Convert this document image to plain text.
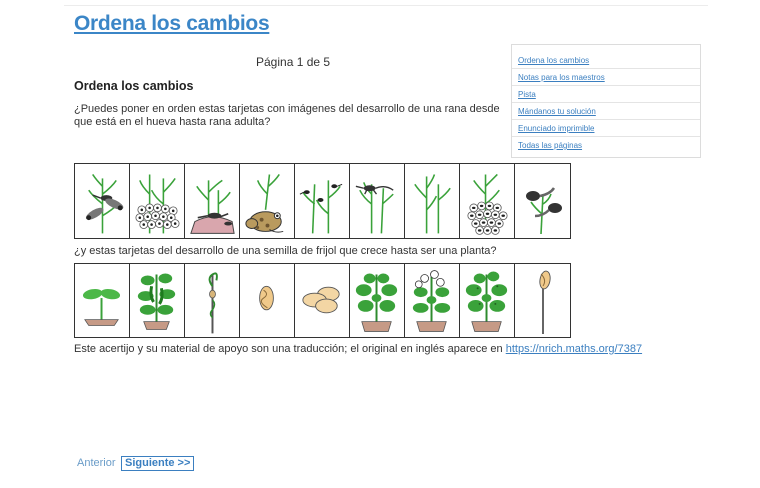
Ordena los cambios
Página 1 de 5	Ordena los cambios
Notas para los maestros
Pista
Mándanos tu solución
Enunciado imprimible
Todas las páginas
Ordena los cambios

¿Puedes poner en orden estas tarjetas con imágenes del desarrollo de una rana desde que está en el hueva hasta rana adulta?

¿y estas tarjetas del desarrollo de una semilla de frijol que crece hasta ser una planta?

Este acertijo y su material de apoyo son una traducción; el original en inglés aparece en https://nrich.maths.org/7387

Anterior Siguiente >>
